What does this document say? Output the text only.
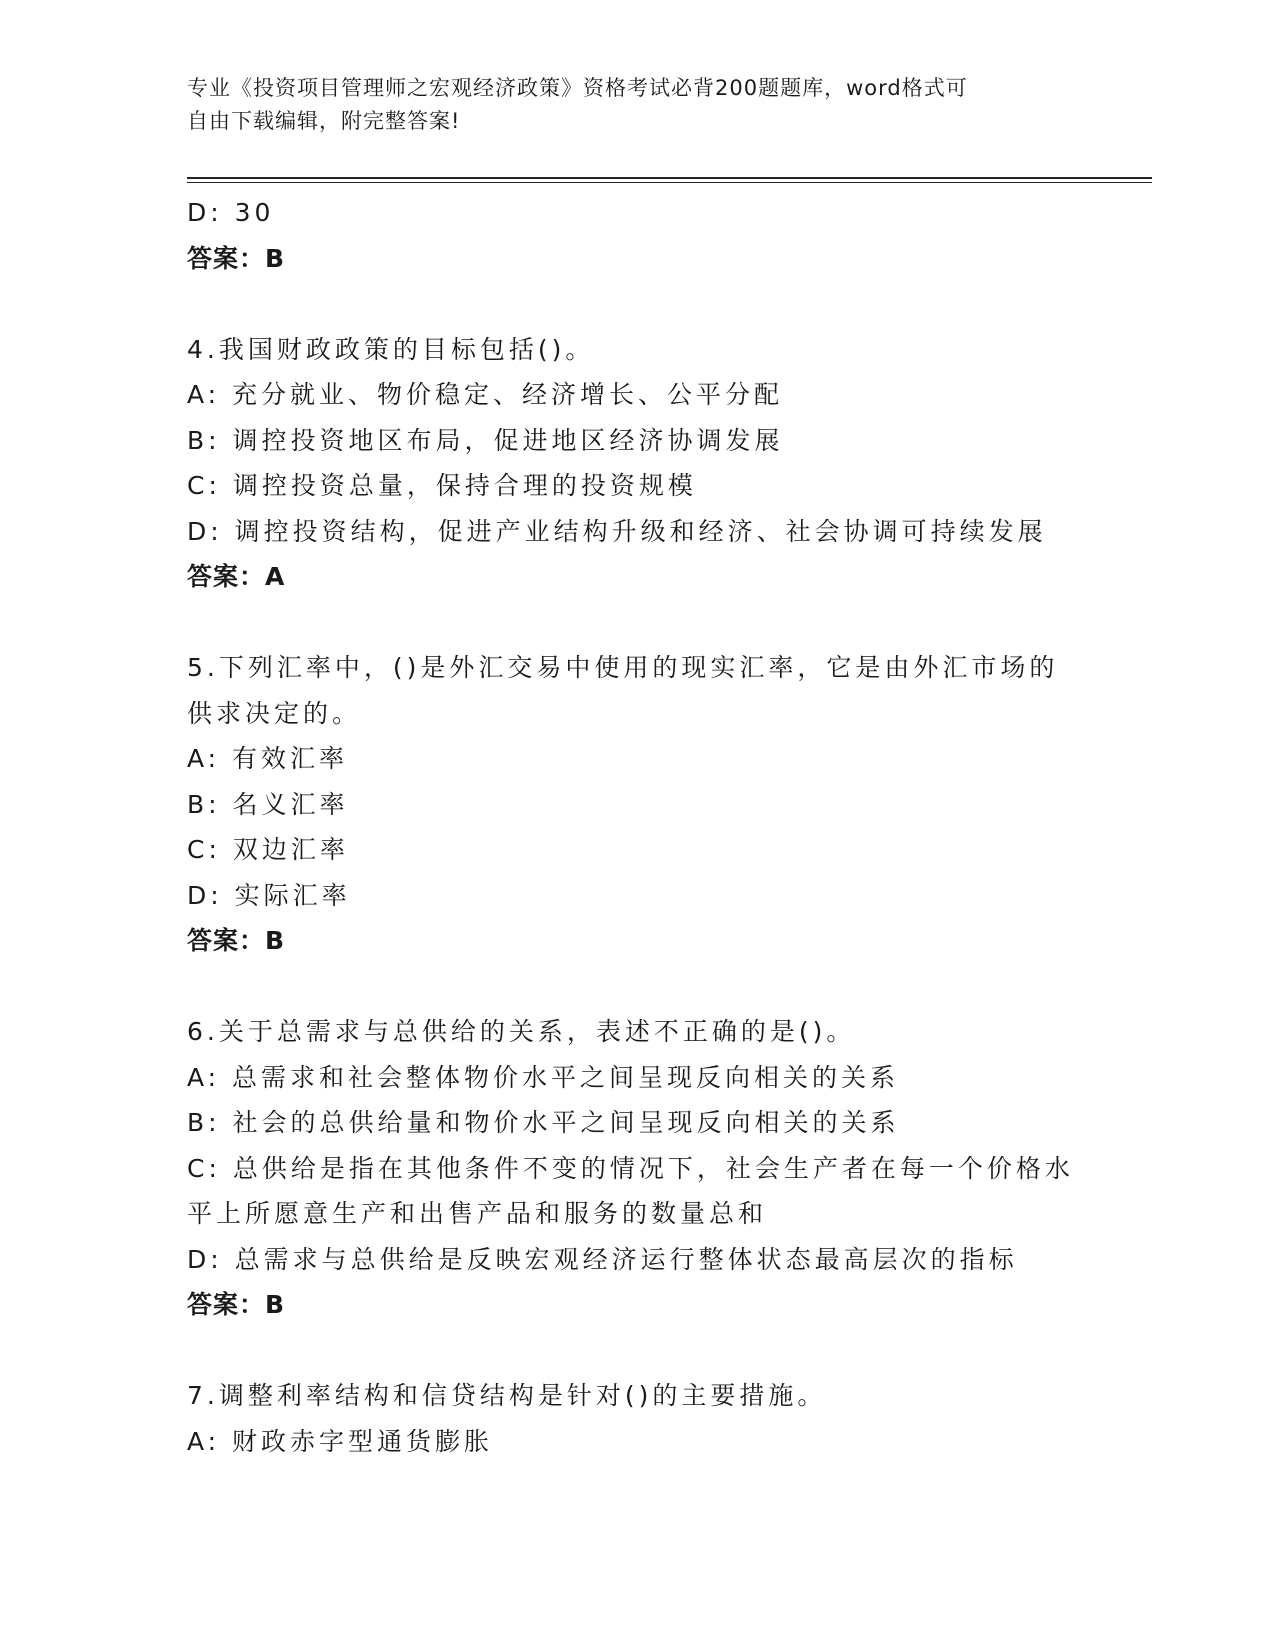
专业《投资项目管理师之宏观经济政策》资格考试必背200题题库，word格式可
自由下载编辑，附完整答案!
D: 30
答案：B
4.我国财政政策的目标包括()。
A: 充分就业、物价稳定、经济增长、公平分配
B: 调控投资地区布局，促进地区经济协调发展
C: 调控投资总量，保持合理的投资规模
D: 调控投资结构，促进产业结构升级和经济、社会协调可持续发展
答案：A
5.下列汇率中，()是外汇交易中使用的现实汇率，它是由外汇市场的
供求决定的。
A: 有效汇率
B: 名义汇率
C: 双边汇率
D: 实际汇率
答案：B
6.关于总需求与总供给的关系，表述不正确的是()。
A: 总需求和社会整体物价水平之间呈现反向相关的关系
B: 社会的总供给量和物价水平之间呈现反向相关的关系
C: 总供给是指在其他条件不变的情况下，社会生产者在每一个价格水
平上所愿意生产和出售产品和服务的数量总和
D: 总需求与总供给是反映宏观经济运行整体状态最高层次的指标
答案：B
7.调整利率结构和信贷结构是针对()的主要措施。
A: 财政赤字型通货膨胀
